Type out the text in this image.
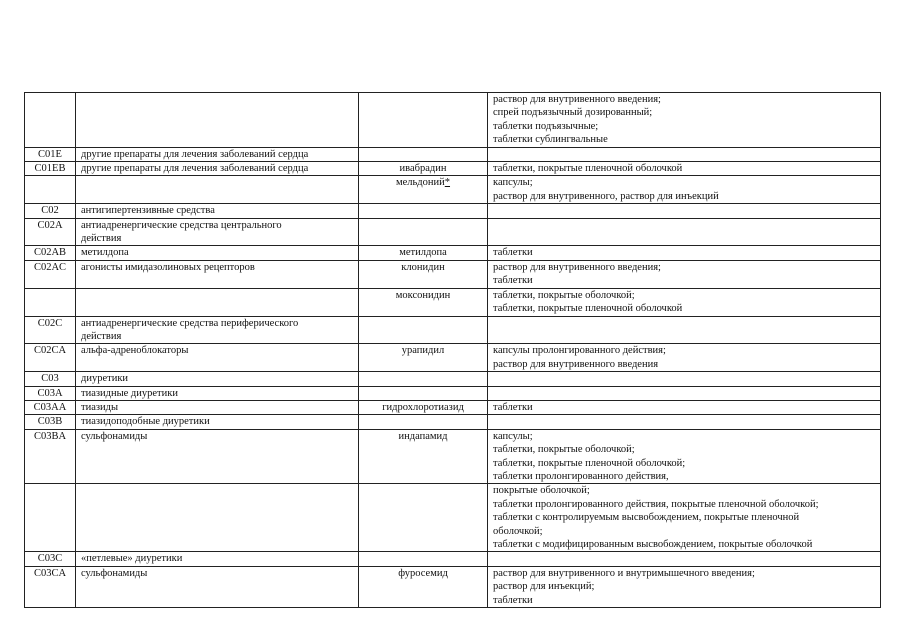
			раствор для внутривенного введения;
спрей подъязычный дозированный;
таблетки подъязычные;
таблетки сублингвальные

C01E	другие препараты для лечения заболеваний сердца		

C01EB	другие препараты для лечения заболеваний сердца	ивабрадин	таблетки, покрытые пленочной оболочкой

		мельдоний*	капсулы;
раствор для внутривенного, раствор для инъекций

C02	антигипертензивные средства		

C02A	антиадренергические средства центрального
действия		

C02AB	метилдопа	метилдопа	таблетки

C02AC	агонисты имидазолиновых рецепторов	клонидин	раствор для внутривенного введения;
таблетки

		моксонидин	таблетки, покрытые оболочкой;
таблетки, покрытые пленочной оболочкой

C02C	антиадренергические средства периферического
действия		

C02CA	альфа-адреноблокаторы	урапидил	капсулы пролонгированного действия;
раствор для внутривенного введения

C03	диуретики		

C03A	тиазидные диуретики		

C03AA	тиазиды	гидрохлоротиазид	таблетки

C03B	тиазидоподобные диуретики		

C03BA	сульфонамиды	индапамид	капсулы;
таблетки, покрытые оболочкой;
таблетки, покрытые пленочной оболочкой;
таблетки пролонгированного действия,

			покрытые оболочкой;
таблетки пролонгированного действия, покрытые пленочной оболочкой;
таблетки с контролируемым высвобождением, покрытые пленочной
оболочкой;
таблетки с модифицированным высвобождением, покрытые оболочкой

C03C	«петлевые» диуретики		

C03CA	сульфонамиды	фуросемид	раствор для внутривенного и внутримышечного введения;
раствор для инъекций;
таблетки
